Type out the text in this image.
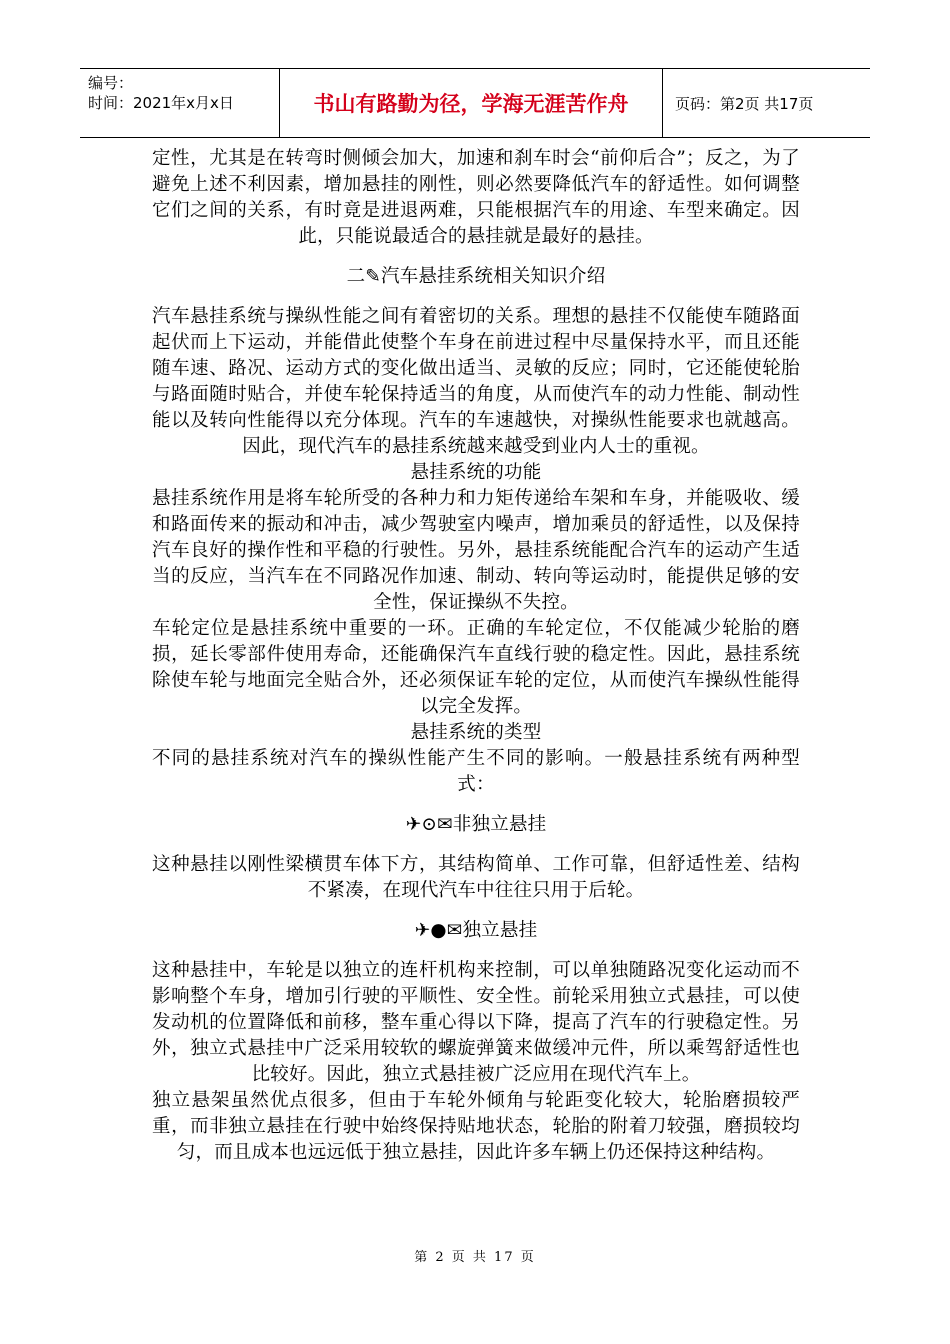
编号：
时间：2021年x月x日	书山有路勤为径，学海无涯苦作舟	页码：第2页 共17页

定性，尤其是在转弯时侧倾会加大，加速和刹车时会“前仰后合”；反之，为了避免上述不利因素，增加悬挂的刚性，则必然要降低汽车的舒适性。如何调整它们之间的关系，有时竟是进退两难，只能根据汽车的用途、车型来确定。因此，只能说最适合的悬挂就是最好的悬挂。

二✎汽车悬挂系统相关知识介绍

汽车悬挂系统与操纵性能之间有着密切的关系。理想的悬挂不仅能使车随路面起伏而上下运动，并能借此使整个车身在前进过程中尽量保持水平，而且还能随车速、路况、运动方式的变化做出适当、灵敏的反应；同时，它还能使轮胎与路面随时贴合，并使车轮保持适当的角度，从而使汽车的动力性能、制动性能以及转向性能得以充分体现。汽车的车速越快，对操纵性能要求也就越高。因此，现代汽车的悬挂系统越来越受到业内人士的重视。

悬挂系统的功能

悬挂系统作用是将车轮所受的各种力和力矩传递给车架和车身，并能吸收、缓和路面传来的振动和冲击，减少驾驶室内噪声，增加乘员的舒适性，以及保持汽车良好的操作性和平稳的行驶性。另外，悬挂系统能配合汽车的运动产生适当的反应，当汽车在不同路况作加速、制动、转向等运动时，能提供足够的安全性，保证操纵不失控。

车轮定位是悬挂系统中重要的一环。正确的车轮定位，不仅能减少轮胎的磨损，延长零部件使用寿命，还能确保汽车直线行驶的稳定性。因此，悬挂系统除使车轮与地面完全贴合外，还必须保证车轮的定位，从而使汽车操纵性能得以完全发挥。

悬挂系统的类型

不同的悬挂系统对汽车的操纵性能产生不同的影响。一般悬挂系统有两种型式：

✈⊙✉非独立悬挂

这种悬挂以刚性梁横贯车体下方，其结构简单、工作可靠，但舒适性差、结构不紧凑，在现代汽车中往往只用于后轮。

✈●✉独立悬挂

这种悬挂中，车轮是以独立的连杆机构来控制，可以单独随路况变化运动而不影响整个车身，增加引行驶的平顺性、安全性。前轮采用独立式悬挂，可以使发动机的位置降低和前移，整车重心得以下降，提高了汽车的行驶稳定性。另外，独立式悬挂中广泛采用较软的螺旋弹簧来做缓冲元件，所以乘驾舒适性也比较好。因此，独立式悬挂被广泛应用在现代汽车上。

独立悬架虽然优点很多，但由于车轮外倾角与轮距变化较大，轮胎磨损较严重，而非独立悬挂在行驶中始终保持贴地状态，轮胎的附着刀较强，磨损较均匀，而且成本也远远低于独立悬挂，因此许多车辆上仍还保持这种结构。

第 2 页 共 17 页
